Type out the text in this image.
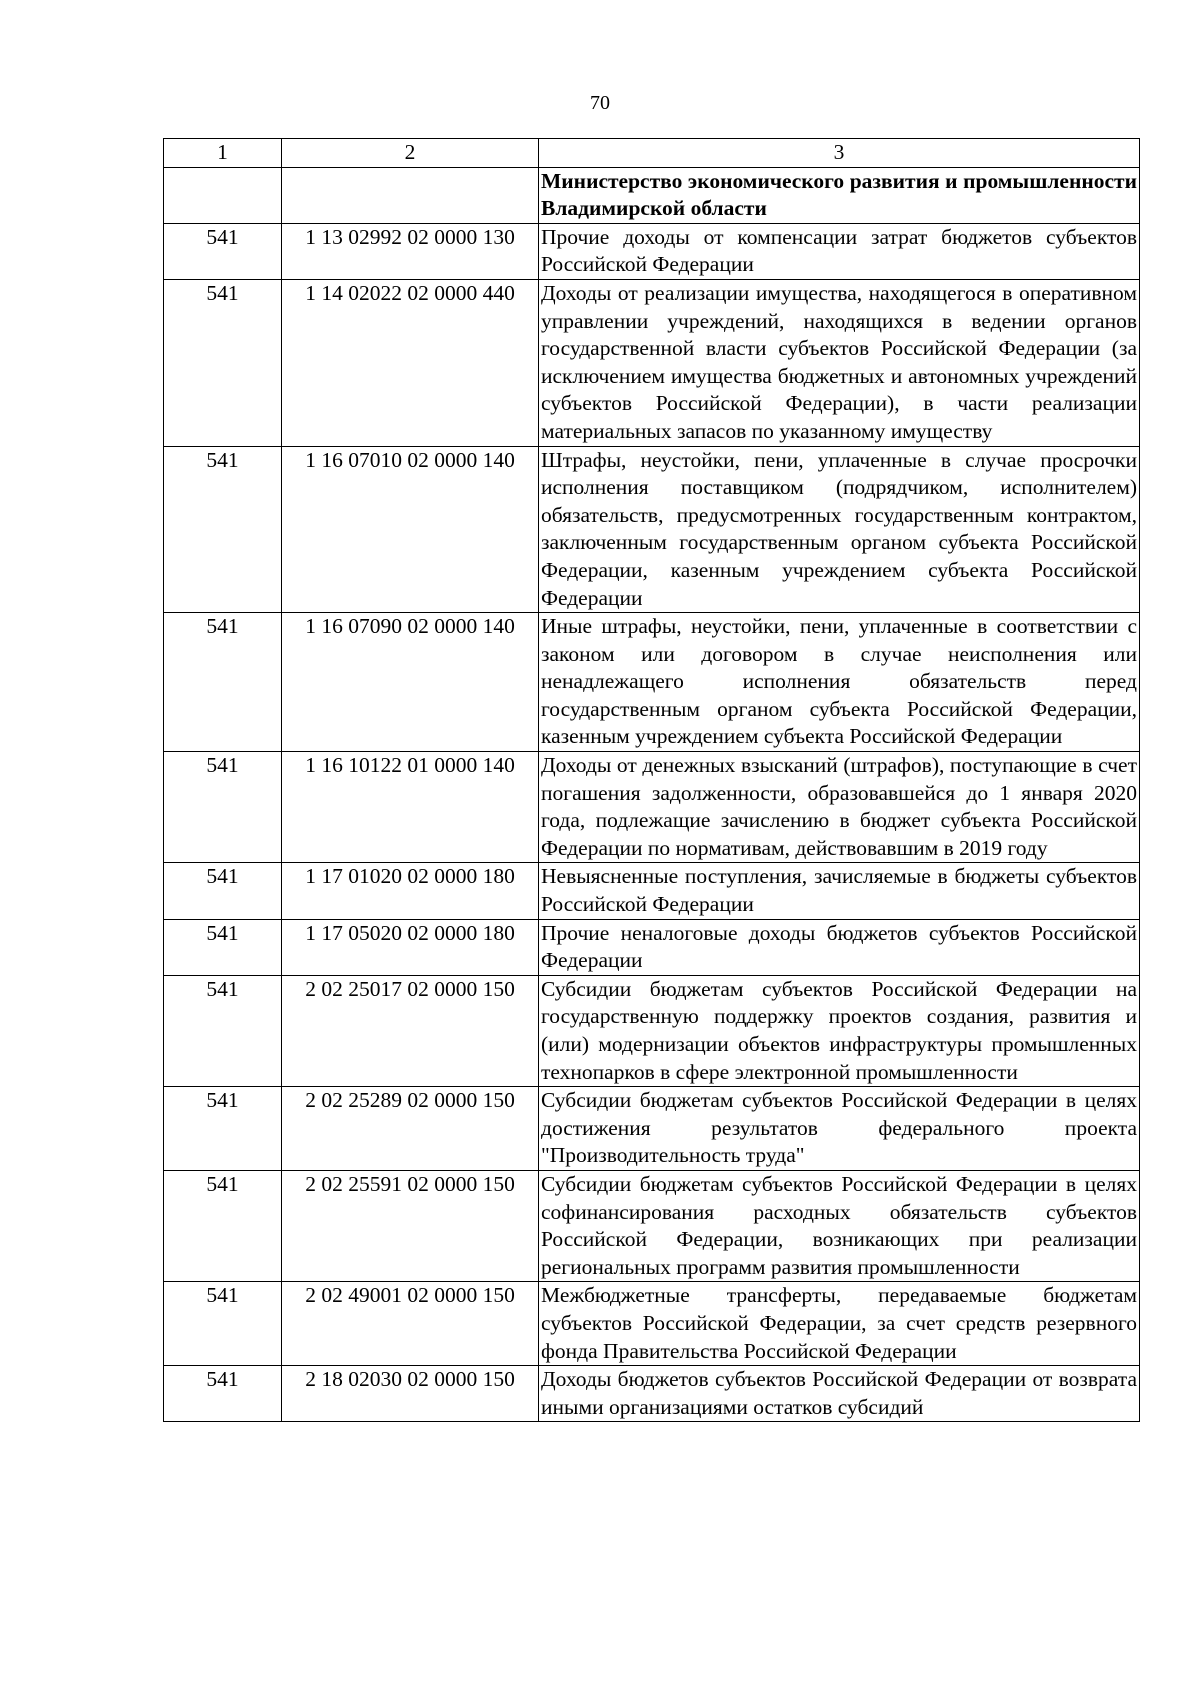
70
1	2	3
		Министерство экономического развития и промышленности Владимирской области
541	1 13 02992 02 0000 130	Прочие доходы от компенсации затрат бюджетов субъектов Российской Федерации
541	1 14 02022 02 0000 440	Доходы от реализации имущества, находящегося в оперативном управлении учреждений, находящихся в ведении органов государственной власти субъектов Российской Федерации (за исключением имущества бюджетных и автономных учреждений субъектов Российской Федерации), в части реализации материальных запасов по указанному имуществу
541	1 16 07010 02 0000 140	Штрафы, неустойки, пени, уплаченные в случае просрочки исполнения поставщиком (подрядчиком, исполнителем) обязательств, предусмотренных государственным контрактом, заключенным государственным органом субъекта Российской Федерации, казенным учреждением субъекта Российской Федерации
541	1 16 07090 02 0000 140	Иные штрафы, неустойки, пени, уплаченные в соответствии с законом или договором в случае неисполнения или ненадлежащего исполнения обязательств перед государственным органом субъекта Российской Федерации, казенным учреждением субъекта Российской Федерации
541	1 16 10122 01 0000 140	Доходы от денежных взысканий (штрафов), поступающие в счет погашения задолженности, образовавшейся до 1 января 2020 года, подлежащие зачислению в бюджет субъекта Российской Федерации по нормативам, действовавшим в 2019 году
541	1 17 01020 02 0000 180	Невыясненные поступления, зачисляемые в бюджеты субъектов Российской Федерации
541	1 17 05020 02 0000 180	Прочие неналоговые доходы бюджетов субъектов Российской Федерации
541	2 02 25017 02 0000 150	Субсидии бюджетам субъектов Российской Федерации на государственную поддержку проектов создания, развития и (или) модернизации объектов инфраструктуры промышленных технопарков в сфере электронной промышленности
541	2 02 25289 02 0000 150	Субсидии бюджетам субъектов Российской Федерации в целях достижения результатов федерального проекта "Производительность труда"
541	2 02 25591 02 0000 150	Субсидии бюджетам субъектов Российской Федерации в целях софинансирования расходных обязательств субъектов Российской Федерации, возникающих при реализации региональных программ развития промышленности
541	2 02 49001 02 0000 150	Межбюджетные трансферты, передаваемые бюджетам субъектов Российской Федерации, за счет средств резервного фонда Правительства Российской Федерации
541	2 18 02030 02 0000 150	Доходы бюджетов субъектов Российской Федерации от возврата иными организациями остатков субсидий
